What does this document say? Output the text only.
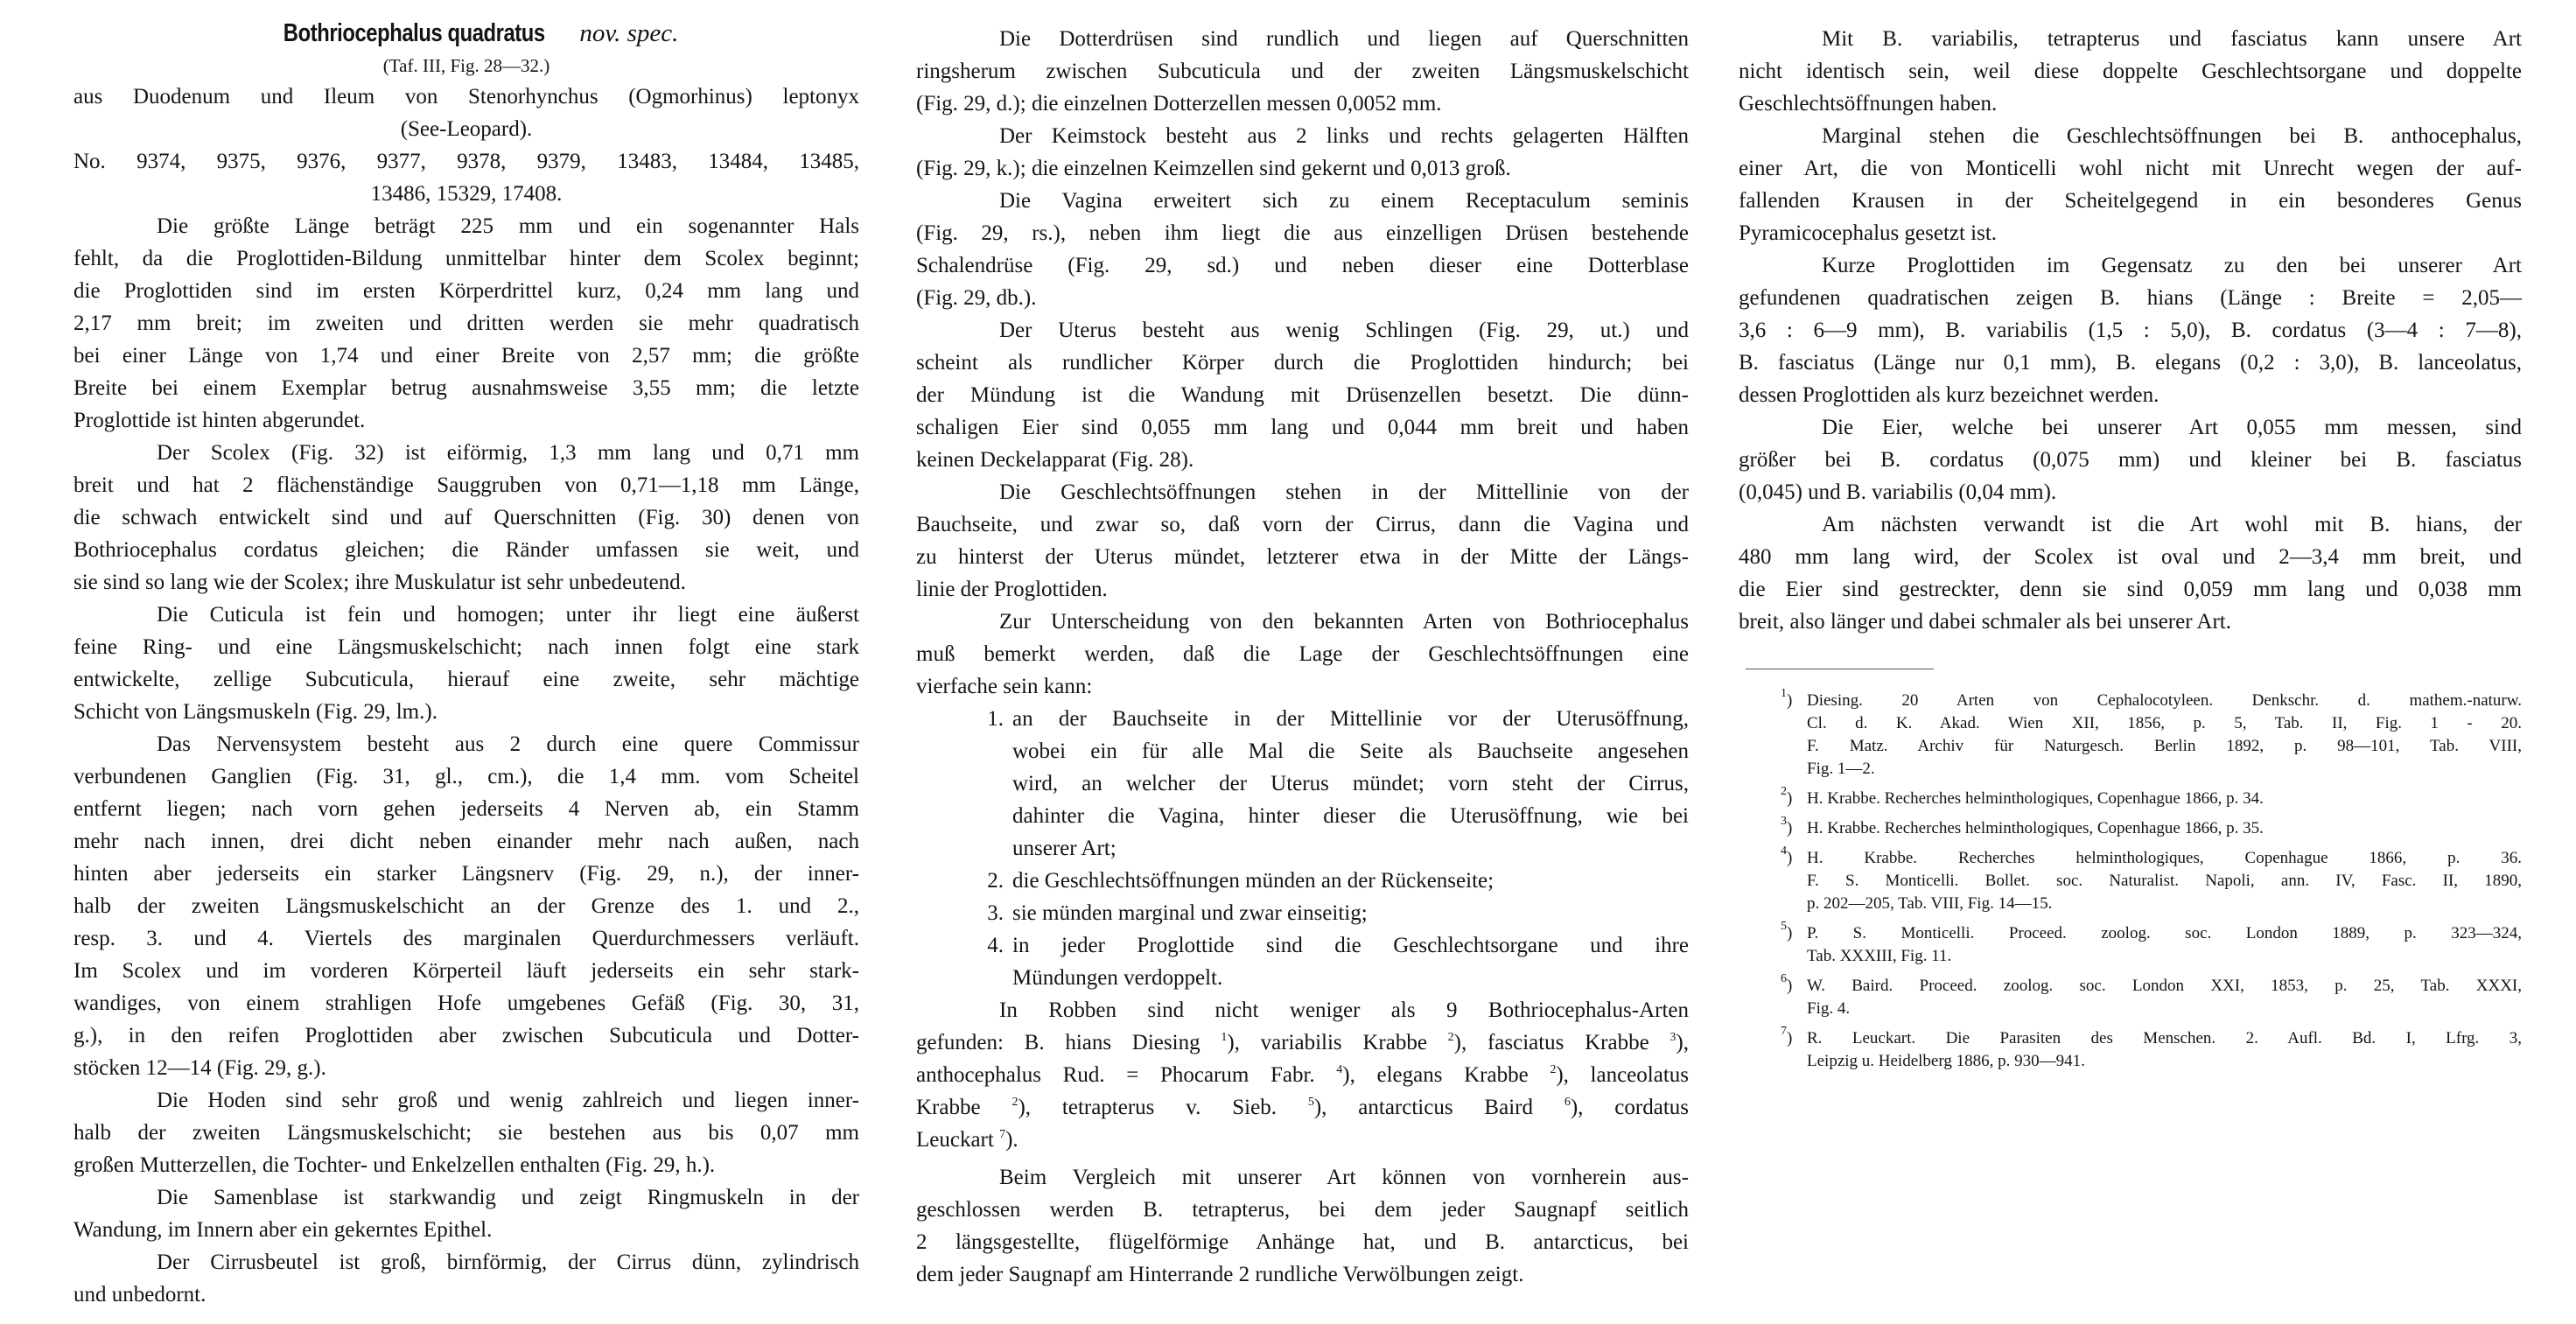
Bothriocephalus quadratus nov. spec.
(Taf. III, Fig. 28—32.)
aus Duodenum und Ileum von Stenorhynchus (Ogmorhinus) leptonyx
(See-Leopard).
No. 9374, 9375, 9376, 9377, 9378, 9379, 13483, 13484, 13485,
13486, 15329, 17408.
Die größte Länge beträgt 225 mm und ein sogenannter Hals
fehlt, da die Proglottiden-Bildung unmittelbar hinter dem Scolex beginnt;
die Proglottiden sind im ersten Körperdrittel kurz, 0,24 mm lang und
2,17 mm breit; im zweiten und dritten werden sie mehr quadratisch
bei einer Länge von 1,74 und einer Breite von 2,57 mm; die größte
Breite bei einem Exemplar betrug ausnahmsweise 3,55 mm; die letzte
Proglottide ist hinten abgerundet.
Der Scolex (Fig. 32) ist eiförmig, 1,3 mm lang und 0,71 mm
breit und hat 2 flächenständige Sauggruben von 0,71—1,18 mm Länge,
die schwach entwickelt sind und auf Querschnitten (Fig. 30) denen von
Bothriocephalus cordatus gleichen; die Ränder umfassen sie weit, und
sie sind so lang wie der Scolex; ihre Muskulatur ist sehr unbedeutend.
Die Cuticula ist fein und homogen; unter ihr liegt eine äußerst
feine Ring- und eine Längsmuskelschicht; nach innen folgt eine stark
entwickelte, zellige Subcuticula, hierauf eine zweite, sehr mächtige
Schicht von Längsmuskeln (Fig. 29, lm.).
Das Nervensystem besteht aus 2 durch eine quere Commissur
verbundenen Ganglien (Fig. 31, gl., cm.), die 1,4 mm. vom Scheitel
entfernt liegen; nach vorn gehen jederseits 4 Nerven ab, ein Stamm
mehr nach innen, drei dicht neben einander mehr nach außen, nach
hinten aber jederseits ein starker Längsnerv (Fig. 29, n.), der inner-
halb der zweiten Längsmuskelschicht an der Grenze des 1. und 2.,
resp. 3. und 4. Viertels des marginalen Querdurchmessers verläuft.
Im Scolex und im vorderen Körperteil läuft jederseits ein sehr stark-
wandiges, von einem strahligen Hofe umgebenes Gefäß (Fig. 30, 31,
g.), in den reifen Proglottiden aber zwischen Subcuticula und Dotter-
stöcken 12—14 (Fig. 29, g.).
Die Hoden sind sehr groß und wenig zahlreich und liegen inner-
halb der zweiten Längsmuskelschicht; sie bestehen aus bis 0,07 mm
großen Mutterzellen, die Tochter- und Enkelzellen enthalten (Fig. 29, h.).
Die Samenblase ist starkwandig und zeigt Ringmuskeln in der
Wandung, im Innern aber ein gekerntes Epithel.
Der Cirrusbeutel ist groß, birnförmig, der Cirrus dünn, zylindrisch
und unbedornt.
Die Dotterdrüsen sind rundlich und liegen auf Querschnitten
ringsherum zwischen Subcuticula und der zweiten Längsmuskelschicht
(Fig. 29, d.); die einzelnen Dotterzellen messen 0,0052 mm.
Der Keimstock besteht aus 2 links und rechts gelagerten Hälften
(Fig. 29, k.); die einzelnen Keimzellen sind gekernt und 0,013 groß.
Die Vagina erweitert sich zu einem Receptaculum seminis
(Fig. 29, rs.), neben ihm liegt die aus einzelligen Drüsen bestehende
Schalendrüse (Fig. 29, sd.) und neben dieser eine Dotterblase
(Fig. 29, db.).
Der Uterus besteht aus wenig Schlingen (Fig. 29, ut.) und
scheint als rundlicher Körper durch die Proglottiden hindurch; bei
der Mündung ist die Wandung mit Drüsenzellen besetzt. Die dünn-
schaligen Eier sind 0,055 mm lang und 0,044 mm breit und haben
keinen Deckelapparat (Fig. 28).
Die Geschlechtsöffnungen stehen in der Mittellinie von der
Bauchseite, und zwar so, daß vorn der Cirrus, dann die Vagina und
zu hinterst der Uterus mündet, letzterer etwa in der Mitte der Längs-
linie der Proglottiden.
Zur Unterscheidung von den bekannten Arten von Bothriocephalus
muß bemerkt werden, daß die Lage der Geschlechtsöffnungen eine
vierfache sein kann:
1. an der Bauchseite in der Mittellinie vor der Uterusöffnung,
wobei ein für alle Mal die Seite als Bauchseite angesehen
wird, an welcher der Uterus mündet; vorn steht der Cirrus,
dahinter die Vagina, hinter dieser die Uterusöffnung, wie bei
unserer Art;
2. die Geschlechtsöffnungen münden an der Rückenseite;
3. sie münden marginal und zwar einseitig;
4. in jeder Proglottide sind die Geschlechtsorgane und ihre
Mündungen verdoppelt.
In Robben sind nicht weniger als 9 Bothriocephalus-Arten
gefunden: B. hians Diesing $^1$), variabilis Krabbe $^2$), fasciatus Krabbe $^3$),
anthocephalus Rud. = Phocarum Fabr. $^4$), elegans Krabbe $^2$), lanceolatus
Krabbe $^2$), tetrapterus v. Sieb. $^5$), antarcticus Baird $^6$), cordatus
Leuckart $^7$).
Beim Vergleich mit unserer Art können von vornherein aus-
geschlossen werden B. tetrapterus, bei dem jeder Saugnapf seitlich
2 längsgestellte, flügelförmige Anhänge hat, und B. antarcticus, bei
dem jeder Saugnapf am Hinterrande 2 rundliche Verwölbungen zeigt.
Mit B. variabilis, tetrapterus und fasciatus kann unsere Art
nicht identisch sein, weil diese doppelte Geschlechtsorgane und doppelte
Geschlechtsöffnungen haben.
Marginal stehen die Geschlechtsöffnungen bei B. anthocephalus,
einer Art, die von Monticelli wohl nicht mit Unrecht wegen der auf-
fallenden Krausen in der Scheitelgegend in ein besonderes Genus
Pyramicocephalus gesetzt ist.
Kurze Proglottiden im Gegensatz zu den bei unserer Art
gefundenen quadratischen zeigen B. hians (Länge : Breite = 2,05—
3,6 : 6—9 mm), B. variabilis (1,5 : 5,0), B. cordatus (3—4 : 7—8),
B. fasciatus (Länge nur 0,1 mm), B. elegans (0,2 : 3,0), B. lanceolatus,
dessen Proglottiden als kurz bezeichnet werden.
Die Eier, welche bei unserer Art 0,055 mm messen, sind
größer bei B. cordatus (0,075 mm) und kleiner bei B. fasciatus
(0,045) und B. variabilis (0,04 mm).
Am nächsten verwandt ist die Art wohl mit B. hians, der
480 mm lang wird, der Scolex ist oval und 2—3,4 mm breit, und
die Eier sind gestreckter, denn sie sind 0,059 mm lang und 0,038 mm
breit, also länger und dabei schmaler als bei unserer Art.
$^1$) Diesing. 20 Arten von Cephalocotyleen. Denkschr. d. mathem.-naturw.
Cl. d. K. Akad. Wien XII, 1856, p. 5, Tab. II, Fig. 1 - 20.
F. Matz. Archiv für Naturgesch. Berlin 1892, p. 98—101, Tab. VIII,
Fig. 1—2.
$^2$) H. Krabbe. Recherches helminthologiques, Copenhague 1866, p. 34.
$^3$) H. Krabbe. Recherches helminthologiques, Copenhague 1866, p. 35.
$^4$) H. Krabbe. Recherches helminthologiques, Copenhague 1866, p. 36.
F. S. Monticelli. Bollet. soc. Naturalist. Napoli, ann. IV, Fasc. II, 1890,
p. 202—205, Tab. VIII, Fig. 14—15.
$^5$) P. S. Monticelli. Proceed. zoolog. soc. London 1889, p. 323—324,
Tab. XXXIII, Fig. 11.
$^6$) W. Baird. Proceed. zoolog. soc. London XXI, 1853, p. 25, Tab. XXXI,
Fig. 4.
$^7$) R. Leuckart. Die Parasiten des Menschen. 2. Aufl. Bd. I, Lfrg. 3,
Leipzig u. Heidelberg 1886, p. 930—941.
